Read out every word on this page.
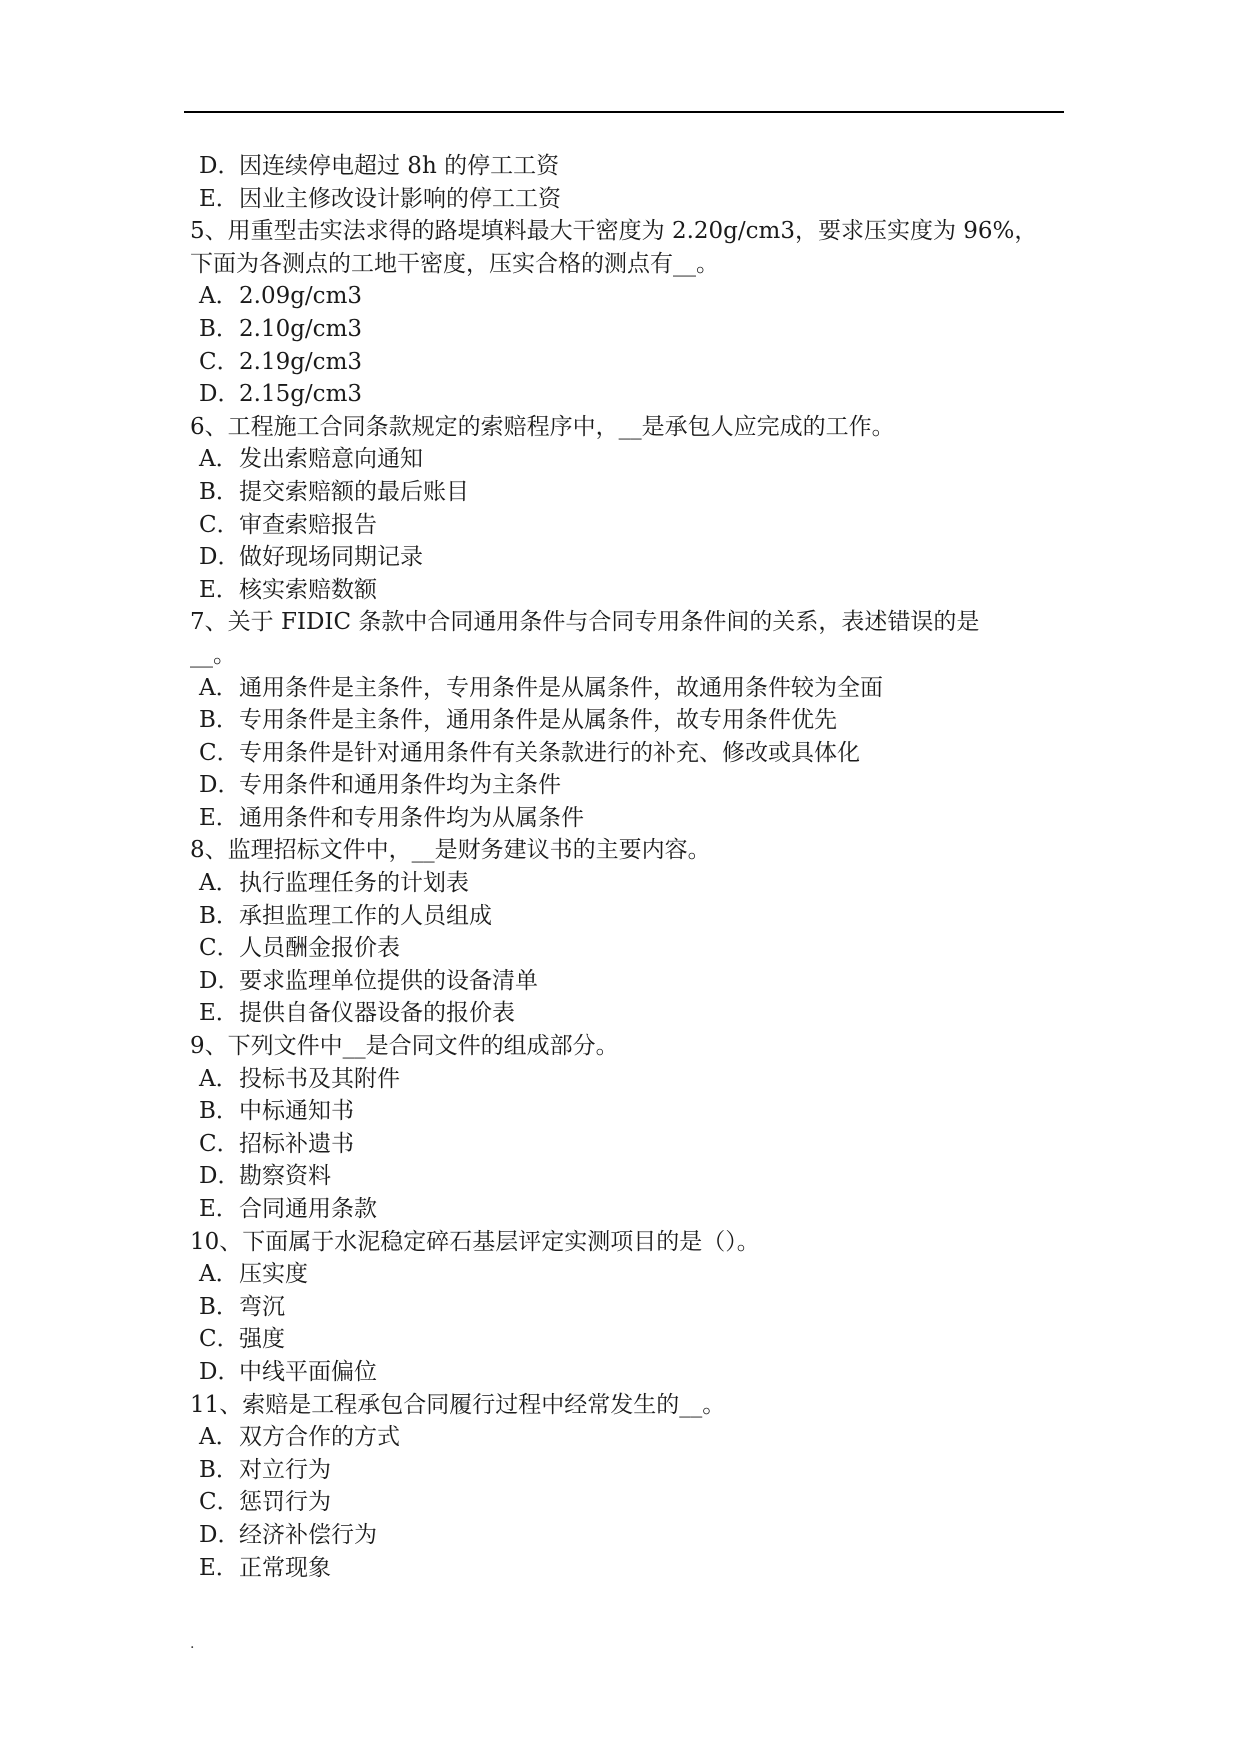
D．因连续停电超过 8h 的停工工资
E．因业主修改设计影响的停工工资
5、用重型击实法求得的路堤填料最大干密度为 2.20g/cm3，要求压实度为 96%，
下面为各测点的工地干密度，压实合格的测点有__。
A．2.09g/cm3
B．2.10g/cm3
C．2.19g/cm3
D．2.15g/cm3
6、工程施工合同条款规定的索赔程序中，__是承包人应完成的工作。
A．发出索赔意向通知
B．提交索赔额的最后账目
C．审查索赔报告
D．做好现场同期记录
E．核实索赔数额
7、关于 FIDIC 条款中合同通用条件与合同专用条件间的关系，表述错误的是
__。
A．通用条件是主条件，专用条件是从属条件，故通用条件较为全面
B．专用条件是主条件，通用条件是从属条件，故专用条件优先
C．专用条件是针对通用条件有关条款进行的补充、修改或具体化
D．专用条件和通用条件均为主条件
E．通用条件和专用条件均为从属条件
8、监理招标文件中，__是财务建议书的主要内容。
A．执行监理任务的计划表
B．承担监理工作的人员组成
C．人员酬金报价表
D．要求监理单位提供的设备清单
E．提供自备仪器设备的报价表
9、下列文件中__是合同文件的组成部分。
A．投标书及其附件
B．中标通知书
C．招标补遗书
D．勘察资料
E．合同通用条款
10、下面属于水泥稳定碎石基层评定实测项目的是（）。
A．压实度
B．弯沉
C．强度
D．中线平面偏位
11、索赔是工程承包合同履行过程中经常发生的__。
A．双方合作的方式
B．对立行为
C．惩罚行为
D．经济补偿行为
E．正常现象
.
